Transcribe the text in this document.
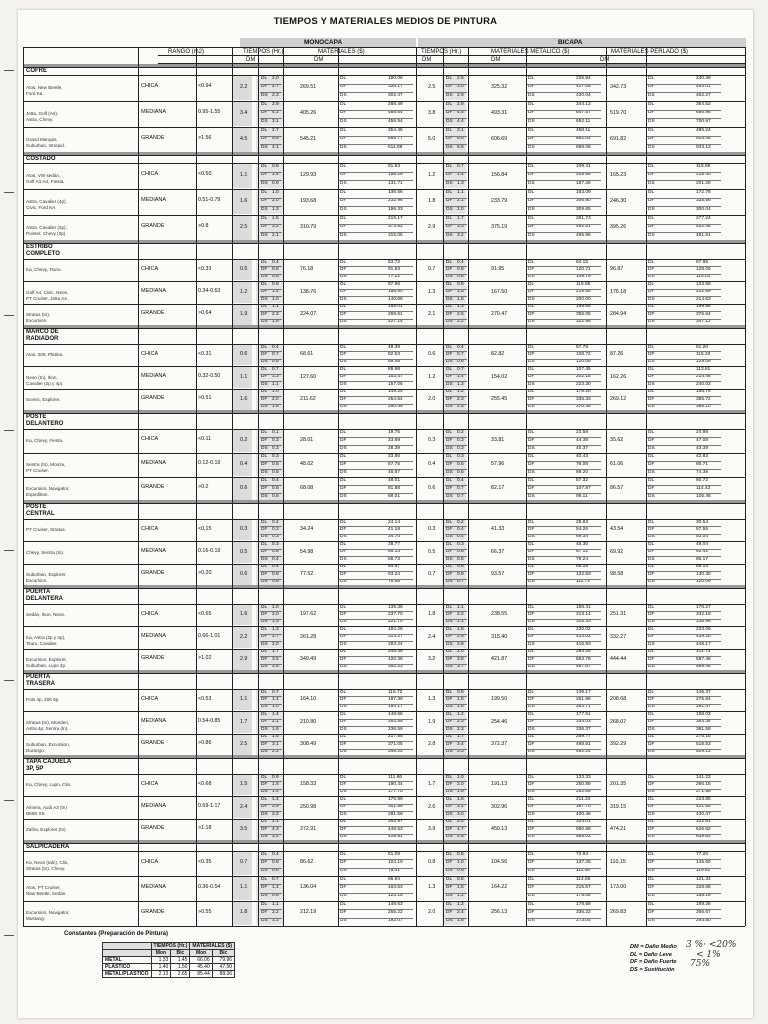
TIEMPOS Y MATERIALES MEDIOS DE PINTURA
MONOCAPA	BICAPA
RANGO (m2)	TIEMPOS (Hr.)	MATERIALES ($)	TIEMPOS (Hr.)	MATERIALES METALICO ($)	MATERIALES PERLADO ($)
DM	DM	DM	DM	DM
COFRE
Atos, New Beetle,
Ford Ka.
CHICA	<0.94	2.2	269.51	2.5	325.32	342.73
DL 2.0	DL	190.06	DL 2.5	DL	226.94	DL	240.39
DF 2.7	DF	326.17	DF 3.0	DF	427.05	DF	453.01
DS 2.3	DS	302.47	DS 2.9	DS	430.04	DS	462.27
Jetta, Golf (A4),
Astra, Chevy.
MEDIANA	0.95-1.55	3.4	405.26	3.8	493.31	519.70
DL 2.9	DL	288.49	DL 2.9	DL	344.13	DL	364.52
DF 4.1	DF	488.64	DF 4.5	DF	647.57	DF	686.98
DS 3.1	DS	456.94	DS 4.4	DS	652.11	DS	700.97
Grand Marquis,
Suburban, Intrepid.
GRANDE	>1.56	4.5	545.21	5.0	606.69	691.82
DL 2.7	DL	354.45	DL 3.1	DL	458.11	DL	485.24
DF 5.5	DF	655.77	DF 6.0	DF	862.04	DF	914.45
DS 4.1	DS	611.89	DS 5.8	DS	868.08	DS	933.13
COSTADO
Atos, VW sedán,
Golf A3-A4, Fiesta.
CHICA	<0.50	1.1	129.93	1.2	156.84	165.23
DL 0.6	DL	91.63	DL 0.7	DL	109.41	DL	115.89
DF 1.4	DF	156.28	DF 1.4	DF	205.88	DF	218.40
DS 0.9	DS	131.71	DS 1.3	DS	187.26	DS	201.28
Astra, Cavalier (4p),
Civic, Ford KA.
MEDIANA	0.51-0.79	1.6	193.68	1.8	233.79	246.30
DL 1.0	DL	136.56	DL 1.1	DL	163.09	DL	172.76
DF 2.0	DF	232.96	DF 2.1	DF	306.90	DF	325.56
DS 1.3	DS	196.33	DS 2.0	DS	309.65	DS	300.04
Astra, Cavalier (2p),
Pointer, Chevy (3p).
GRANDE	>0.8	2.5	310.79	2.9	375.19	395.26
DL 1.5	DL	219.17	DL 1.7	DL	261.73	DL	277.24
DF 3.2	DF	373.82	DF 3.3	DF	492.51	DF	522.46
DS 2.1	DS	315.05	DS 3.2	DS	495.96	DS	481.51
ESTRIBO
COMPLETO
Ka, Chevy, Tsuru.	CHICA	<0.33	0.5	76.18	0.7	91.95	96.87
DL 0.4	DL	53.72	DL 0.4	DL	64.15	DL	67.95
DF 0.6	DF	91.63	DF 0.8	DF	120.71	DF	128.05
DS 0.5	DS	77.22	DS 0.8	DS	109.79	DS	118.01
Golf A4, Civic, Neon,
PT Cruiser, Jetta A4.
MEDIANA	0.34-0.63	1.2	138.76	1.3	167.50	176.18
DL 0.8	DL	97.86	DL 0.8	DL	116.85	DL	123.58
DF 1.4	DF	166.90	DF 1.5	DF	219.88	DF	232.89
DS 1.0	DS	140.66	DS 1.5	DS	200.00	DS	214.63
Stratus (tn),
Excursion.
GRANDE	>0.64	1.9	224.07	2.1	270.47	284.94
DL 1.1	DL	158.01	DL 1.3	DL	188.68	DL	199.86
DF 2.3	DF	269.51	DF 2.5	DF	355.05	DF	376.64
DS 1.5	DS	227.14	DS 2.2	DS	322.95	DS	347.12
MARCO DE
RADIADOR
Atos, 206, Platina.	CHICA	<0.31	0.6	68.61	0.6	82.82	87.26
DL 0.4	DL	48.39	DL 0.4	DL	57.78	DL	61.20
DF 0.7	DF	82.53	DF 0.7	DF	108.72	DF	115.33
DS 0.5	DS	69.46	DS 0.6	DS	120.08	DS	129.08
Neon (tn), Ikon,
Cavalier (2p y 4p).
MEDIANA	0.32-0.50	1.1	127.60	1.2	154.02	162.26
DL 0.7	DL	89.98	DL 0.7	DL	107.45	DL	113.81
DF 1.3	DF	153.47	DF 1.4	DF	202.18	DF	214.48
DS 1.1	DS	157.06	DS 1.3	DS	223.30	DS	240.03
Scenic, Explorer.	GRANDE	>0.51	1.6	211.62	2.0	255.45	269.12
DL 1.0	DL	149.24	DL 1.2	DL	178.20	DL	188.76
DF 2.0	DF	254.54	DF 2.3	DF	335.33	DF	355.72
DS 1.8	DS	260.49	DS 2.5	DS	370.35	DS	398.10
POSTE
DELANTERO
Ka, Chevy, Fiesta.	CHICA	<0.11	0.2	28.01	0.3	33.81	35.62
DL 0.1	DL	19.75	DL 0.2	DL	23.58	DL	24.98
DF 0.3	DF	33.69	DF 0.3	DF	44.38	DF	47.08
DS 0.3	DS	28.39	DS 0.3	DS	40.37	DS	43.39
Sentra (tn), Monza,
PT Cruiser.
MEDIANA	0.12-0.19	0.4	48.02	0.4	57.96	61.06
DL 0.3	DL	33.86	DL 0.3	DL	40.43	DL	42.83
DF 0.5	DF	57.75	DF 0.5	DF	76.08	DF	80.71
DS 0.5	DS	48.67	DS 0.5	DS	69.20	DS	74.38
Excursion, Navigator,
Expedition.
GRANDE	>0.2	0.6	68.08	0.6	82.17	86.57
DL 0.4	DL	48.01	DL 0.4	DL	57.32	DL	60.72
DF 0.8	DF	81.88	DF 0.7	DF	107.87	DF	114.43
DS 0.8	DS	69.01	DS 0.7	DS	98.11	DS	105.46
POSTE
CENTRAL
PT Cruiser, Stratus.	CHICA	<0.15	0.3	34.24	0.3	41.33	43.54
DL 0.2	DL	24.14	DL 0.2	DL	28.83	DL	30.54
DF 0.3	DF	41.18	DF 0.4	DF	54.26	DF	57.55
DS 0.3	DS	34.70	DS 0.4	DS	69.34	DS	53.04
Chevy, Sentra (tn).	MEDIANA	0.16-0.19	0.5	54.98	0.5	66.37	69.92
DL 0.3	DL	38.77	DL 0.3	DL	46.30	DL	49.04
DF 0.6	DF	66.13	DF 0.6	DF	87.12	DF	92.42
DS 0.4	DS	55.73	DS 0.5	DS	79.24	DS	85.17
Suburban, Explorer
Excursion.
GRANDE	>0.20	0.6	77.52	0.7	93.57	98.58
DL 0.4	DL	54.67	DL 0.5	DL	65.28	DL	69.14
DF 0.8	DF	93.24	DF 0.9	DF	122.83	DF	130.30
DS 0.5	DS	78.58	DS 0.7	DS	111.72	DS	120.09
PUERTA
DELANTERA
Sedán, Ikon, Neon.	CHICA	<0.65	1.6	197.62	1.8	238.55	251.31
DL 1.0	DL	139.36	DL 1.1	DL	166.41	DL	176.27
DF 2.0	DF	237.70	DF 2.2	DF	313.14	DF	332.18
DS 1.3	DS	221.70	DS 2.1	DS	315.33	DS	338.96
Ka, Astra (2p y 4p),
Tsuru, Cavalier.
MEDIANA	0.66-1.01	2.2	261.28	2.4	315.40	332.27
DL 1.3	DL	184.26	DL 1.5	DL	220.02	DL	233.06
DF 2.7	DF	314.27	DF 2.9	DF	414.02	DF	439.20
DS 2.0	DS	293.24	DS 2.8	DS	416.93	DS	448.17
Excursion, Explorer,
Suburban, Lupo 2p.
GRANDE	>1.02	2.9	349.49	3.2	421.87	444.44
DL 1.7	DL	246.46	DL 2.0	DL	294.29	DL	311.73
DF 3.5	DF	420.36	DF 3.8	DF	553.78	DF	587.46
DS 2.6	DS	392.23	DS 3.7	DS	557.67	DS	599.46
PUERTA
TRASERA
Polo 4p, 206 5p.	CHICA	<0.53	1.1	164.10	1.3	199.50	208.68
DL 0.7	DL	115.72	DL 0.8	DL	139.17	DL	146.37
DF 1.4	DF	197.39	DF 1.5	DF	261.88	DF	275.84
DS 1.0	DS	184.17	DS 1.5	DS	263.71	DS	281.47
Stratus (tn), Mondeo,
Astra 4p, Sentra (tn).
MEDIANA	0.54-0.85	1.7	210.80	1.9	254.46	268.07
DL 1.4	DL	148.66	DL 1.2	DL	177.51	DL	188.03
DF 2.1	DF	253.55	DF 2.3	DF	334.03	DF	354.34
DS 1.6	DS	236.59	DS 2.3	DS	336.37	DS	361.58
Suburban, Excursion,
Durango.
GRANDE	>0.86	2.5	308.49	2.8	372.37	392.29
DL 1.5	DL	217.55	DL 1.7	DL	259.77	DL	275.15
DF 3.1	DF	371.05	DF 3.4	DF	488.81	DF	518.53
DS 2.2	DS	346.22	DS 3.3	DS	492.24	DS	529.12
TAPA CAJUELA
3P, 5P
Ka, Chevy, Lupo, Clio.	CHICA	<0.68	1.5	158.33	1.7	191.13	201.35
DL 0.9	DL	111.66	DL 1.0	DL	133.33	DL	141.23
DF 1.8	DF	190.44	DF 2.0	DF	250.89	DF	266.15
DS 1.4	DS	177.70	DS 1.9	DS	252.65	DS	271.58
Almera, Audi A3 (tn)
BMW X5.
MEDIANA	0.69-1.17	2.4	250.98	2.6	302.96	319.15
DL 1.4	DL	176.99	DL 1.6	DL	211.34	DL	223.85
DF 2.9	DF	301.88	DF 3.1	DF	397.70	DF	421.85
DS 2.2	DS	281.68	DS 3.0	DS	400.48	DS	430.47
Zafira, Explorer (tn).	GRANDE	>1.18	3.5	372.91	3.9	450.13	474.21
DL 2.1	DL	262.97	DL 2.4	DL	314.01	DL	332.61
DF 4.3	DF	448.53	DF 4.7	DF	590.89	DF	626.82
DS 3.2	DS	418.51	DS 4.5	DS	595.03	DS	639.62
SALPICADERA
Ka, Neon (tahi), Clio,
Stratus (tn), Chevy.
CHICA	<0.35	0.7	86.62	0.8	104.56	110.15
DL 0.4	DL	61.09	DL 0.5	DL	72.94	DL	77.26
DF 0.8	DF	104.19	DF 1.0	DF	137.25	DF	145.60
DS 0.6	DS	78.41	DS 0.9	DS	111.46	DS	119.81
Atos, PT Cruiser,
New Beetle, Sedán.
MEDIANA	0.36-0.54	1.1	136.04	1.3	164.22	173.00
DL 0.7	DL	95.94	DL 0.8	DL	114.56	DL	121.34
DF 1.4	DF	163.63	DF 1.5	DF	215.57	DF	228.68
DS 0.8	DS	123.15	DS 1.2	DS	175.06	DS	185.18
Excursion, Navigator,
Mustang.
GRANDE	>0.55	1.8	212.19	2.0	256.13	269.83
DL 1.1	DL	149.63	DL 1.2	DL	178.68	DL	189.26
DF 2.2	DF	255.22	DF 2.4	DF	336.22	DF	356.67
DS 1.3	DS	192.07	DS 1.8	DS	273.04	DS	293.50
Constantes (Preparación de Pintura)
	TIEMPOS (Hr.)		MATERIALES ($)	
	Mon	Bic	Mon	Bic
METAL	1.33	1.45	66.06	79.96
PLÁSTICO	1.40	1.50	45.40	47.50
METAL/PLÁSTICO	2.13	2.65	85.44	88.36
DM = Daño Medio
DL = Daño Leve
DF = Daño Fuerte
DS = Sustitución
3 %· <20%
< 1%
75%
